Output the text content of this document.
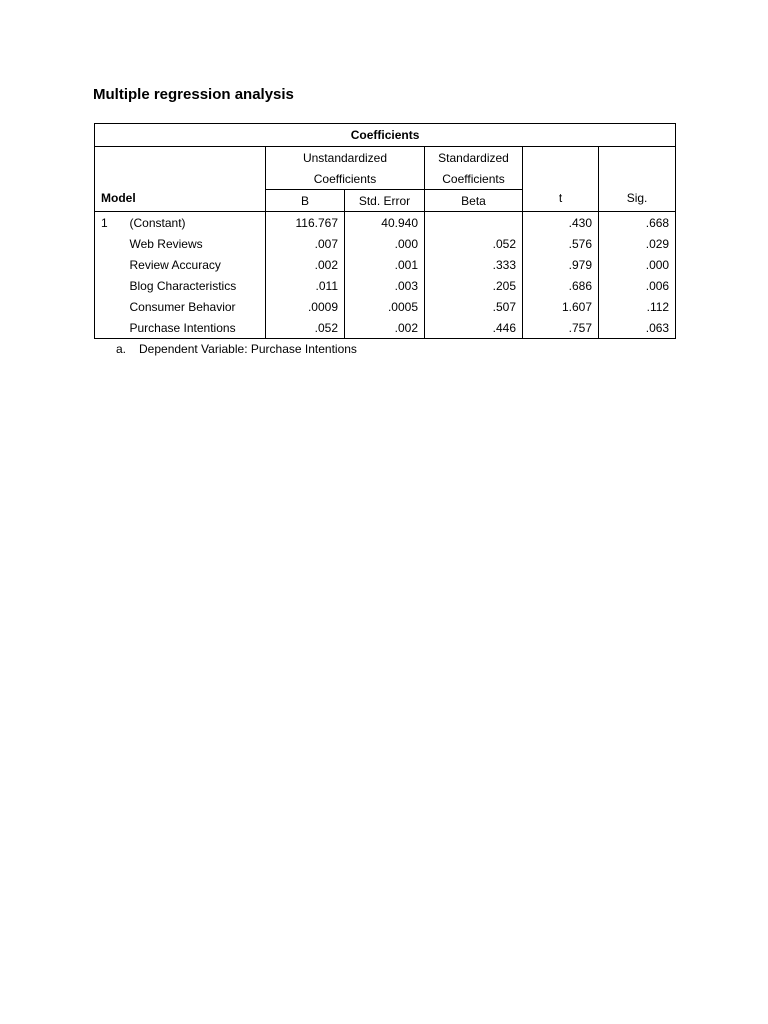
Multiple regression analysis
Coefficients						
Model		Unstandardized		Standardized	t	Sig.
		Coefficients		Coefficients		
		B	Std. Error	Beta		
1	(Constant)	116.767	40.940		.430	.668
	Web Reviews	.007	.000	.052	.576	.029
	Review Accuracy	.002	.001	.333	.979	.000
	Blog Characteristics	.011	.003	.205	.686	.006
	Consumer Behavior	.0009	.0005	.507	1.607	.112
	Purchase Intentions	.052	.002	.446	.757	.063
a. Dependent Variable: Purchase Intentions
